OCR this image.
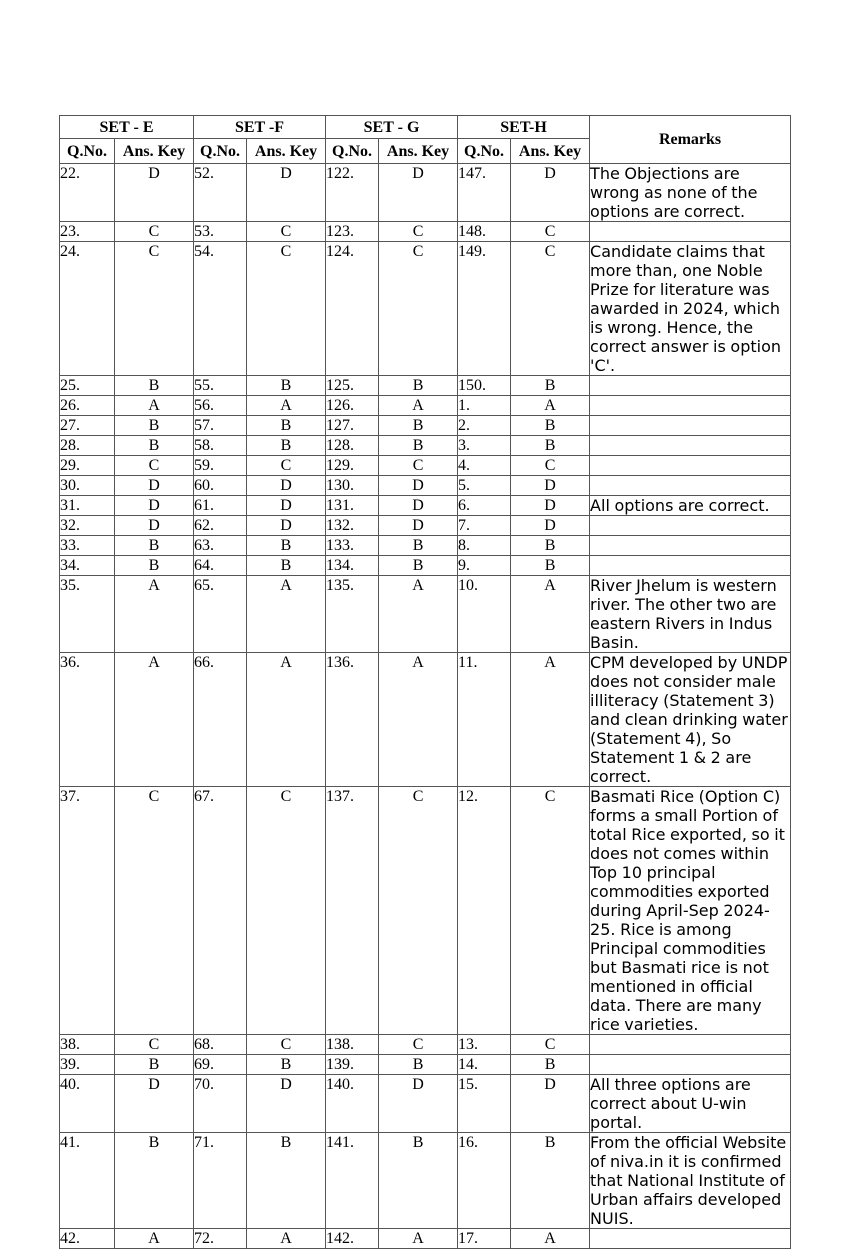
SET - E		SET -F		SET - G		SET-H		Remarks
Q.No.	Ans. Key	Q.No.	Ans. Key	Q.No.	Ans. Key	Q.No.	Ans. Key	
22.	D	52.	D	122.	D	147.	D	The Objections are wrong as none of the options are correct.
23.	C	53.	C	123.	C	148.	C	
24.	C	54.	C	124.	C	149.	C	Candidate claims that more than, one Noble Prize for literature was awarded in 2024, which is wrong. Hence, the correct answer is option 'C'.
25.	B	55.	B	125.	B	150.	B	
26.	A	56.	A	126.	A	1.	A	
27.	B	57.	B	127.	B	2.	B	
28.	B	58.	B	128.	B	3.	B	
29.	C	59.	C	129.	C	4.	C	
30.	D	60.	D	130.	D	5.	D	
31.	D	61.	D	131.	D	6.	D	All options are correct.
32.	D	62.	D	132.	D	7.	D	
33.	B	63.	B	133.	B	8.	B	
34.	B	64.	B	134.	B	9.	B	
35.	A	65.	A	135.	A	10.	A	River Jhelum is western river. The other two are eastern Rivers in Indus Basin.
36.	A	66.	A	136.	A	11.	A	CPM developed by UNDP does not consider male illiteracy (Statement 3) and clean drinking water (Statement 4), So Statement 1 & 2 are correct.
37.	C	67.	C	137.	C	12.	C	Basmati Rice (Option C) forms a small Portion of total Rice exported, so it does not comes within Top 10 principal commodities exported during April-Sep 2024-25. Rice is among Principal commodities but Basmati rice is not mentioned in official data. There are many rice varieties.
38.	C	68.	C	138.	C	13.	C	
39.	B	69.	B	139.	B	14.	B	
40.	D	70.	D	140.	D	15.	D	All three options are correct about U-win portal.
41.	B	71.	B	141.	B	16.	B	From the official Website of niva.in it is confirmed that National Institute of Urban affairs developed NUIS.
42.	A	72.	A	142.	A	17.	A	
